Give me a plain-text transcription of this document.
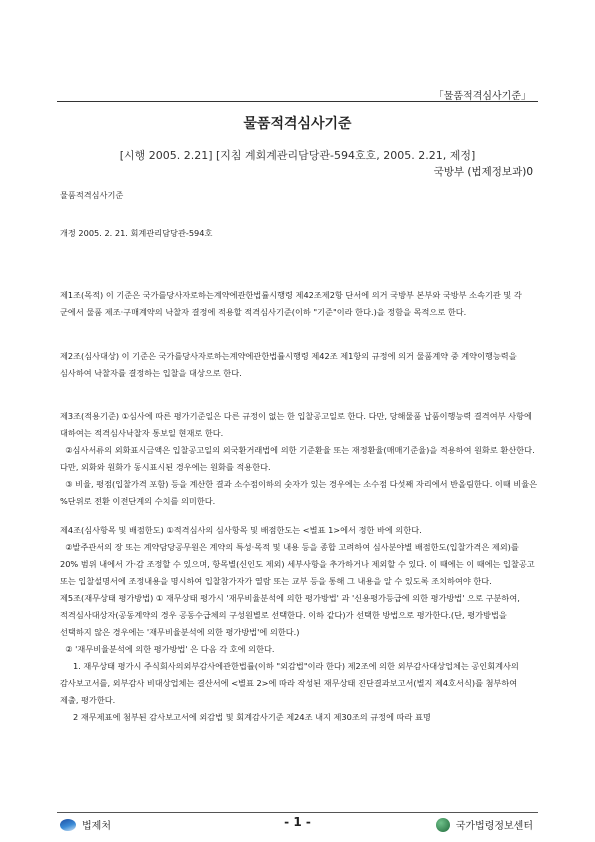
「물품적격심사기준」
물품적격심사기준
[시행 2005. 2.21] [지침 계회계관리담당관-594호호, 2005. 2.21, 제정]
국방부 (법제정보과)0
물품적격심사기준
개정 2005. 2. 21. 회계관리담당관-594호
제1조(목적) 이 기준은 국가를당사자로하는계약에관한법률시행령 제42조제2항 단서에 의거 국방부 본부와 국방부 소속기관 및 각 군에서 물품 제조·구매계약의 낙찰자 결정에 적용할 적격심사기준(이하 "기준"이라 한다.)을 정함을 목적으로 한다.
제2조(심사대상) 이 기준은 국가를당사자로하는계약에관한법률시행령 제42조 제1항의 규정에 의거 물품계약 중 계약이행능력을 심사하여 낙찰자를 결정하는 입찰을 대상으로 한다.
제3조(적용기준) ①심사에 따른 평가기준일은 다른 규정이 없는 한 입찰공고일로 한다. 다만, 당해물품 납품이행능력 결격여부 사항에 대하여는 적격심사낙찰자 통보일 현재로 한다.
②심사서류의 외화표시금액은 입찰공고일의 외국환거래법에 의한 기준환율 또는 재정환율(매매기준율)을 적용하여 원화로 환산한다. 다만, 외화와 원화가 동시표시된 경우에는 원화를 적용한다.
③ 비율, 평점(입찰가격 포함) 등을 계산한 결과 소수점이하의 숫자가 있는 경우에는 소수점 다섯째 자리에서 반올림한다. 이때 비율은 %단위로 전환 이전단계의 수치를 의미한다.
제4조(심사항목 및 배점한도) ①적격심사의 심사항목 및 배점한도는 <별표 1>에서 정한 바에 의한다.
②발주관서의 장 또는 계약담당공무원은 계약의 특성·목적 및 내용 등을 종합 고려하여 심사분야별 배점한도(입찰가격은 제외)를 20% 범위 내에서 가·감 조정할 수 있으며, 항목별(신인도 제외) 세부사항을 추가하거나 제외할 수 있다. 이 때에는 이 때에는 입찰공고 또는 입찰설명서에 조정내용을 명시하여 입찰참가자가 열람 또는 교부 등을 통해 그 내용을 알 수 있도록 조치하여야 한다.
제5조(재무상태 평가방법) ① 재무상태 평가시 '재무비율분석에 의한 평가방법' 과 '신용평가등급에 의한 평가방법' 으로 구분하여, 적격심사대상자(공동계약의 경우 공동수급체의 구성원별로 선택한다. 이하 같다)가 선택한 방법으로 평가한다.(단, 평가방법을 선택하지 않은 경우에는 '재무비율분석에 의한 평가방법'에 의한다.)
② '재무비율분석에 의한 평가방법' 은 다음 각 호에 의한다.
1. 재무상태 평가시 주식회사의외부감사에관한법률(이하 "외감법"이라 한다) 제2조에 의한 외부감사대상업체는 공인회계사의 감사보고서를, 외부감사 비대상업체는 결산서에 <별표 2>에 따라 작성된 재무상태 진단결과보고서(별지 제4호서식)를 첨부하여 제출, 평가한다.
2 재무제표에 첨부된 감사보고서에 외감법 및 회계감사기준 제24조 내지 제30조의 규정에 따라 표명
법제처	- 1 -	국가법령정보센터
